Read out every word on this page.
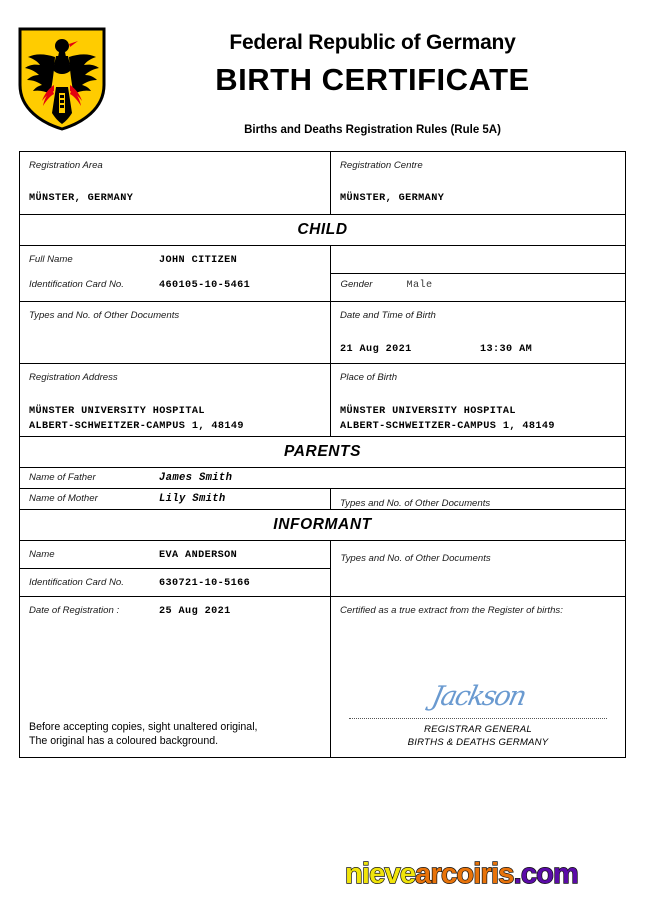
Federal Republic of Germany
BIRTH CERTIFICATE
Births and Deaths Registration Rules (Rule 5A)
Registration Area
MÜNSTER, GERMANY
Registration Centre
MÜNSTER, GERMANY
CHILD
Full Name	JOHN CITIZEN
Identification Card No.	460105-10-5461	Gender	Male
Types and No. of Other Documents	Date and Time of Birth
21 Aug 2021	13:30 AM
Registration Address
MÜNSTER UNIVERSITY HOSPITAL
ALBERT-SCHWEITZER-CAMPUS 1, 48149
Place of Birth
MÜNSTER UNIVERSITY HOSPITAL
ALBERT-SCHWEITZER-CAMPUS 1, 48149
PARENTS
Name of Father	James Smith
Name of Mother	Lily Smith	Types and No. of Other Documents
INFORMANT
Name	EVA ANDERSON
Identification Card No.	630721-10-5166
Types and No. of Other Documents
Date of Registration :	25 Aug 2021
Before accepting copies, sight unaltered original,
The original has a coloured background.
Certified as a true extract from the Register of births:
Jackson
REGISTRAR GENERAL
BIRTHS & DEATHS GERMANY
nievearcoiris.com
